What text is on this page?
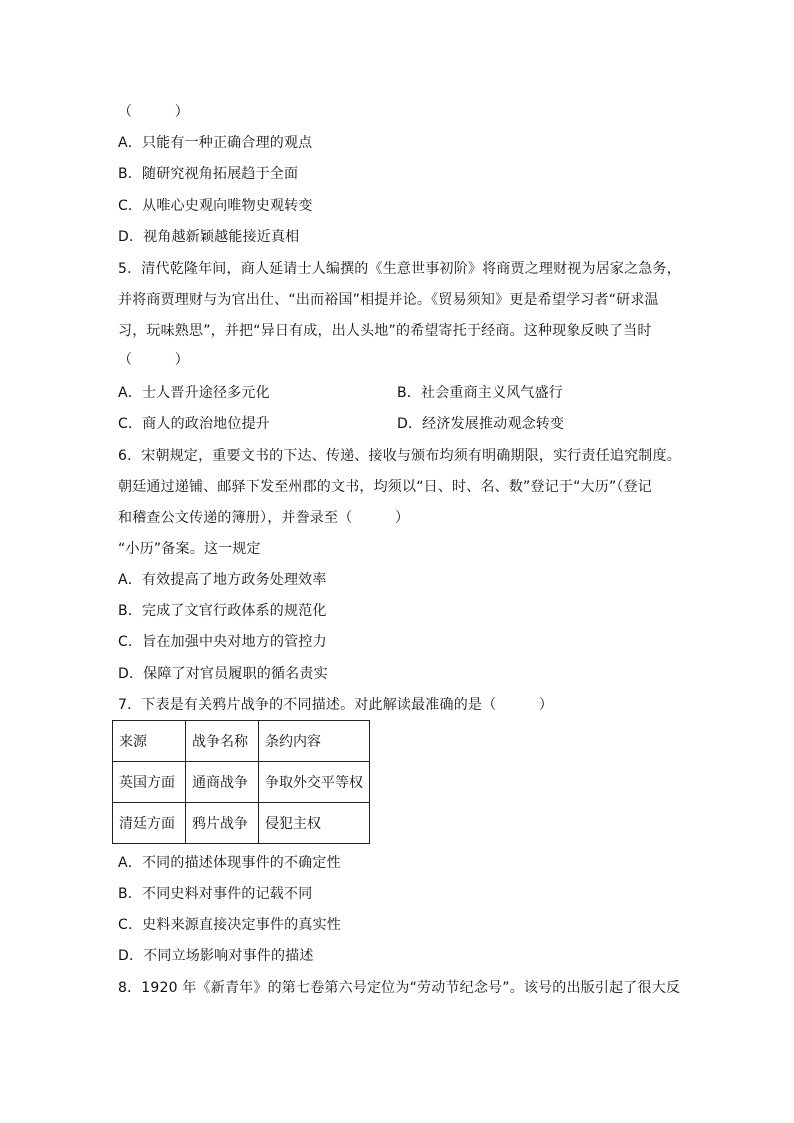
（　　　）
A．只能有一种正确合理的观点
B．随研究视角拓展趋于全面
C．从唯心史观向唯物史观转变
D．视角越新颖越能接近真相
5．清代乾隆年间，商人延请士人编撰的《生意世事初阶》将商贾之理财视为居家之急务，
并将商贾理财与为官出仕、“出而裕国”相提并论。《贸易须知》更是希望学习者“研求温
习，玩味熟思”，并把“异日有成，出人头地”的希望寄托于经商。这种现象反映了当时
（　　　）
A．士人晋升途径多元化	B．社会重商主义风气盛行
C．商人的政治地位提升	D．经济发展推动观念转变
6．宋朝规定，重要文书的下达、传递、接收与颁布均须有明确期限，实行责任追究制度。
朝廷通过递铺、邮驿下发至州郡的文书，均须以“日、时、名、数”登记于“大历”（登记
和稽查公文传递的簿册），并誊录至（　　　）
“小历”备案。这一规定
A．有效提高了地方政务处理效率
B．完成了文官行政体系的规范化
C．旨在加强中央对地方的管控力
D．保障了对官员履职的循名责实
7．下表是有关鸦片战争的不同描述。对此解读最准确的是（　　　）
来源	战争名称	条约内容
英国方面	通商战争	争取外交平等权
清廷方面	鸦片战争	侵犯主权
A．不同的描述体现事件的不确定性
B．不同史料对事件的记载不同
C．史料来源直接决定事件的真实性
D．不同立场影响对事件的描述
8．1920 年《新青年》的第七卷第六号定位为“劳动节纪念号”。该号的出版引起了很大反
